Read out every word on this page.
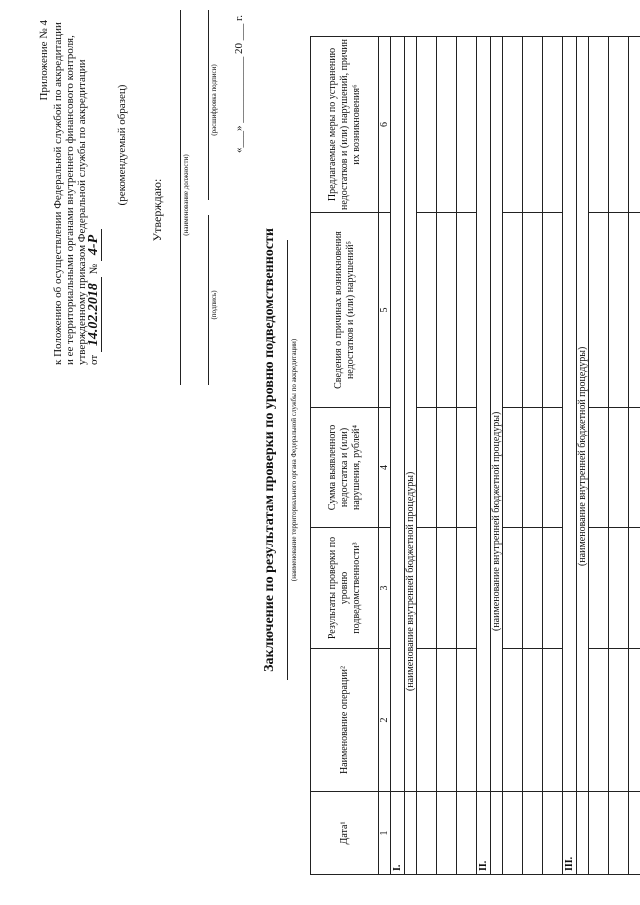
Приложение № 4 к Положению об осуществлении Федеральной службой по аккредитации и ее территориальными органами внутреннего финансового контроля, утвержденному приказом Федеральной службы по аккредитации от 14.02.2018 № 4-Р
(рекомендуемый образец)
Утверждаю:	(наименование должности)
(подпись)
(расшифровка подписи) «___» ____________ 20 ___ г.
Заключение по результатам проверки по уровню подведомственности (наименование территориального органа Федеральной службы по аккредитации)
Дата¹	Наименование операции²	Результаты проверки по уровню подведомственности³	Сумма выявленного недостатка и (или) нарушения, рублей⁴	Сведения о причинах возникновения недостатков и (или) нарушений⁵	Предлагаемые меры по устранению недостатков и (или) нарушений, причин их возникновения⁶
1	2	3	4	5	6
I.					
	(наименование внутренней бюджетной процедуры)				

II.					
	(наименование внутренней бюджетной процедуры)				

III.					
	(наименование внутренней бюджетной процедуры)				
